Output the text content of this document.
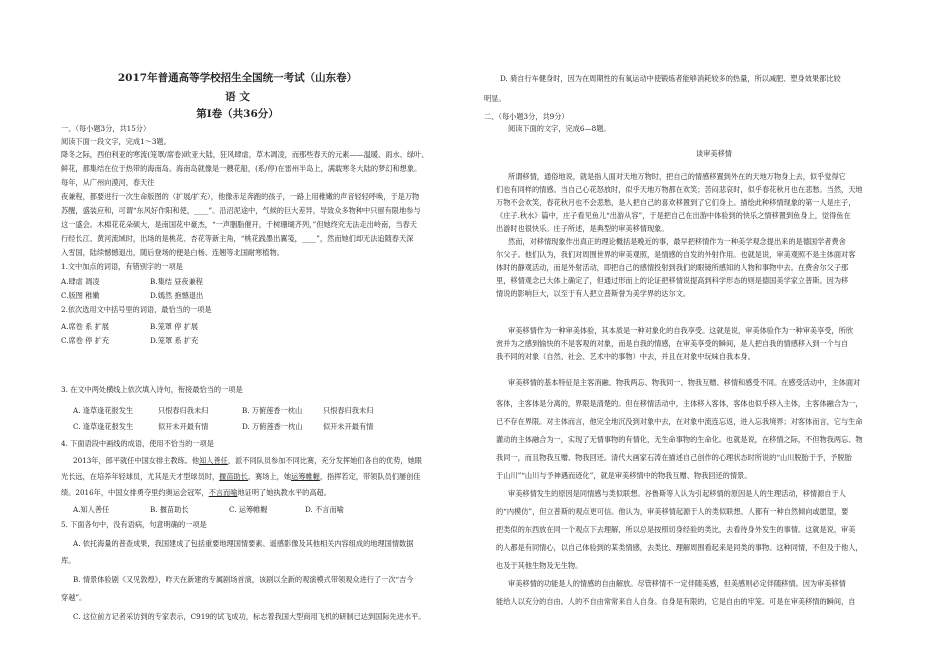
2017年普通高等学校招生全国统一考试（山东卷）
语 文
第Ⅰ卷（共36分）
一、（每小题3分，共15分）
阅读下面一段文字，完成1～3题。
降冬之际，西伯利亚的寒流(笼罩/席卷)欧亚大陆，狂风肆虐，草木凋凌，而那些春天的元素——温暖、雨水、绿叶、
鲜花，都集结在位于热带的海南岛。海南岛就像是一艘花船，(系/停)在雷州半岛上，满载寒冬大陆的梦幻和想象。
每年，从广州向漠河，春天往
夜兼程，都要进行一次生命版图的（扩展/扩充），他像赤足奔跑的孩子，一路上用稚嫩的声音轻轻呼唤，于是万物
苏醒，盛装应和，可谓“东风好作阳和使，____”。沿沼泥途中，气候的巨大差异，导致众多物种中只留有限地参与
这一盛会。木棉花花朵硕大，是南国花中豪杰，“一声胭脂催开，千树珊瑚齐列，”但她终究无法走出岭南，当春天
行经长江、黄河流域时，出场的是桃花、杏花等新主角，“桃花践墨出翼笺，____”，然而她们却无法追随春天深
入雪国，陆续憾憾退出，随后登场的便是白杨、连翘等北国耐寒植物。
1.文中加点的词语，有错别字的一项是
A.肆虐 凋凌	B.集结 昼夜兼程
C.版图 稚嫩	D.嫣然 抱憾退出
2.依次选用文中括号里的词语，最恰当的一项是
A.席卷 系 扩展	B.笼罩 停 扩展
C.席卷 停 扩充	D.笼罩 系 扩充
3. 在文中两处横线上依次填入诗句，衔接最恰当的一项是
A. 逢草逢花报发生	只恨春归我未归	B. 万俯莲香一枕山	只恨春归我未归
C. 逢草逢花报发生	似开未开最有情	D. 万俯莲香一枕山	似开未开最有情
4. 下面语段中画线的成语，使用不恰当的一项是
2013年，郎平就任中国女排主教练。他知人善任，派不同队员参加不同比赛，充分发挥她们各自的优势，她眼
光长远，在培养年轻球员，尤其是天才型球员时，揠苗助长，赛场上，她运筹帷幄，指挥若定，带领队员们屡创佳
绩。2016年，中国女排勇夺里约奥运会冠军，不言而喻地证明了她执教水平的高超。
A.知人善任	B. 揠苗助长	C. 运筹帷幄	D. 不言而喻
5. 下面各句中，没有语病，句意明确的一项是
A. 依托海量的普查成果，我国建成了包括重要地理国情要素、遥感影像及其他相关内容组成的地理国情数据
库。
B. 情景体验剧《又见敦煌》，昨天在新建的专属剧场首演，该剧以全新的观演模式带领观众进行了一次“吉今
穿越”。
C. 这位前方记者采访到的专家表示，C919的试飞成功，标志着我国大型商用飞机的研制已达到国际先进水平。
D. 骑自行车健身时，因为在周期性的有氧运动中使锻炼者能够消耗较多的热量，所以减肥、塑身效果都比较
明显。
二、（每小题3分，共9分）
阅读下面的文字，完成6—8题。
谈审美移情
所谓移情，通俗地说，就是指人面对天地万物时，把自己的情感移置到外在的天地万物身上去，似乎觉得它
们也有同样的情感。当自己心花怒放时，似乎天地万物都在欢笑；苦闷悲哀时，似乎春花秋月也在悲愁。当然，天地
万物不会欢笑，春花秋月也不会悲愁，是人把自己的喜欢移置到了它们身上。描绘此种移情现象的第一人是庄子，
《庄子.秋水》篇中，庄子看见鱼儿“出游从容”，于是把自己在出游中体验到的快乐之情移置到鱼身上，觉得鱼在
出游时也很快乐。庄子所述，是典型的审美移情现象。
然而，对移情现象作出真正的理论概括是晚近的事，最早把移情作为一种美学观念提出来的是德国学者费舍
尔父子。他们认为，我们对周围世界的审美观照，是情感的自发的外射作用。也就是说，审美观照不是主体面对客
体时的静观活动，而是外射活动，即把自己的感情投射到我们的眼镜所感知的人物和事物中去。在费舍尔父子那
里，移情观念已大体上确定了，但通过形而上的论证把移情说提高到科学形态的则是德国美学家立普斯。因为移
情说的影响巨大，以至于有人把立普斯誉为美学界的达尔文。
审美移情作为一种审美体验，其本质是一种对象化的自我享受。这就是说，审美体验作为一种审美享受，所欣
赏并为之感到愉快的不是客观的对象，而是自我的情感，在审美享受的瞬间，是人把自我的情感移入到一个与自
我不同的对象（自然、社会、艺术中的事物）中去，并且在对象中玩味自我本身。
审美移情的基本特征是主客消融、物我两忘、物我同一、物我互赠、移情和感受不同。在感受活动中，主体面对
客体，主客体是分离的，界限是清楚的。但在移情活动中，主体移入客体，客体也似乎移入主体，主客体融合为一，
已不存在界限。对主体而言，他完全地沉没到对象中去，在对象中流连忘返，进入忘我境界；对客体而言，它与生命
灌动的主体融合为一，实现了无情事物的有情化，无生命事物的生命化。也就是说，在移情之际，不但物我两忘、物
我同一，而且物我互赠、物我回还。清代大画家石涛在描述自己创作的心理状态时所说的“山川脱胎于予，予脱胎
于山川”“山川与予神遇而迹化”，就是审美移情中的物我互赠、物我回还的情景。
审美移情发生的原因是同情感与类似联想。谷鲁斯等人认为引起移情的原因是人的生理活动，移情源自于人
的“内模仿”，但立普斯的观点更可信。他认为，审美移情起源于人的类似联想。人都有一种自然倾向或愿望，要
把类似的东西放在同一个观点下去理解，所以总是按照切身经验的类比，去看待身外发生的事情。这就是说，审美
的人都是有同情心，以自己体验到的某类情感，去类比、理解周围看起来是同类的事物。这种同情，不但及于他人，
也及于其他生物及无生物。
审美移情的功能是人的情感的自由解放。尽管移情不一定伴随美感，但美感则必定伴随移情。因为审美移情
能给人以充分的自由。人的不自由常常来自人自身。自身是有限的，它是自由的牢笼。可是在审美移情的瞬间，自
